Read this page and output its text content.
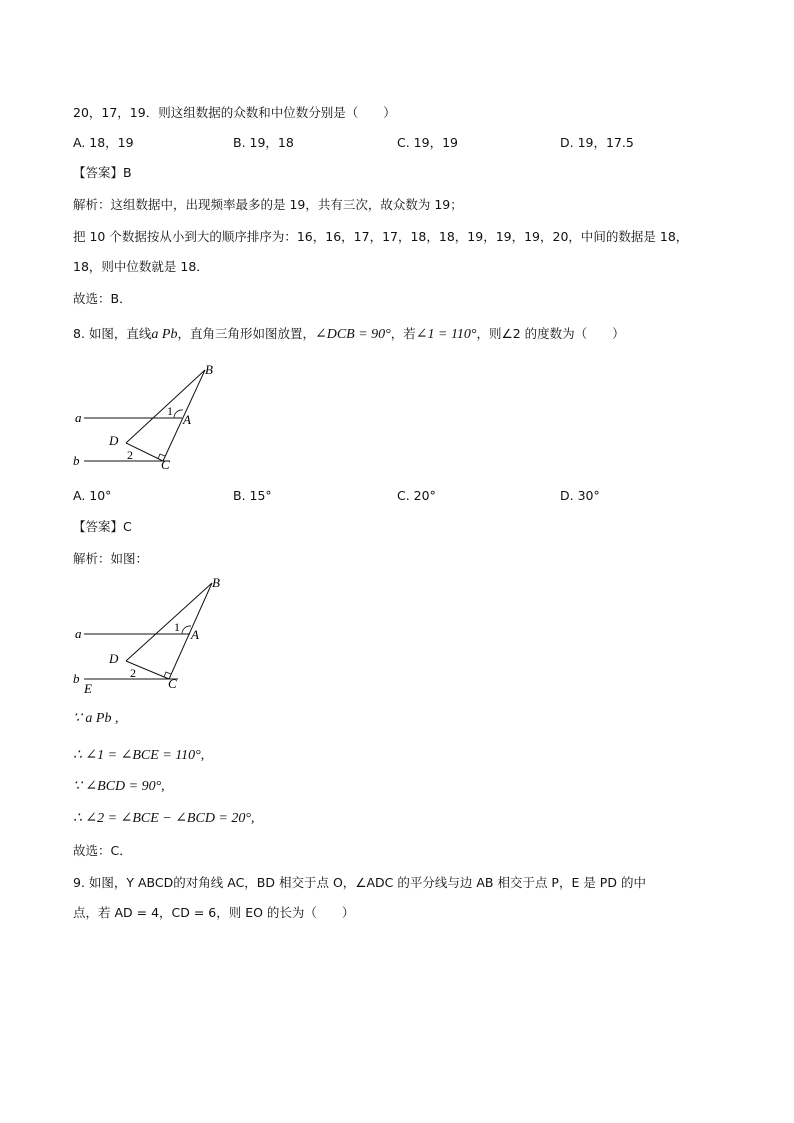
20，17，19．则这组数据的众数和中位数分别是（　　）
A. 18，19	B. 19，18	C. 19，19	D. 19，17.5
【答案】B
解析：这组数据中，出现频率最多的是 19，共有三次，故众数为 19；
把 10 个数据按从小到大的顺序排序为：16，16，17，17，18，18，19，19，19，20，中间的数据是 18，
18，则中位数就是 18．
故选：B．
8. 如图，直线a Pb，直角三角形如图放置，∠DCB = 90°，若∠1 = 110°，则∠2 的度数为（　　）
B
A
1
a
D
2
b	C
A. 10°	B. 15°	C. 20°	D. 30°
【答案】C
解析：如图：
B
A
1
a
D
2
b
E	C
∵ a Pb ,
∴ ∠1 = ∠BCE = 110°,
∵ ∠BCD = 90°,
∴ ∠2 = ∠BCE − ∠BCD = 20°,
故选：C．
9. 如图，Y ABCD的对角线 AC，BD 相交于点 O，∠ADC 的平分线与边 AB 相交于点 P，E 是 PD 的中
点，若 AD = 4，CD = 6，则 EO 的长为（　　）
